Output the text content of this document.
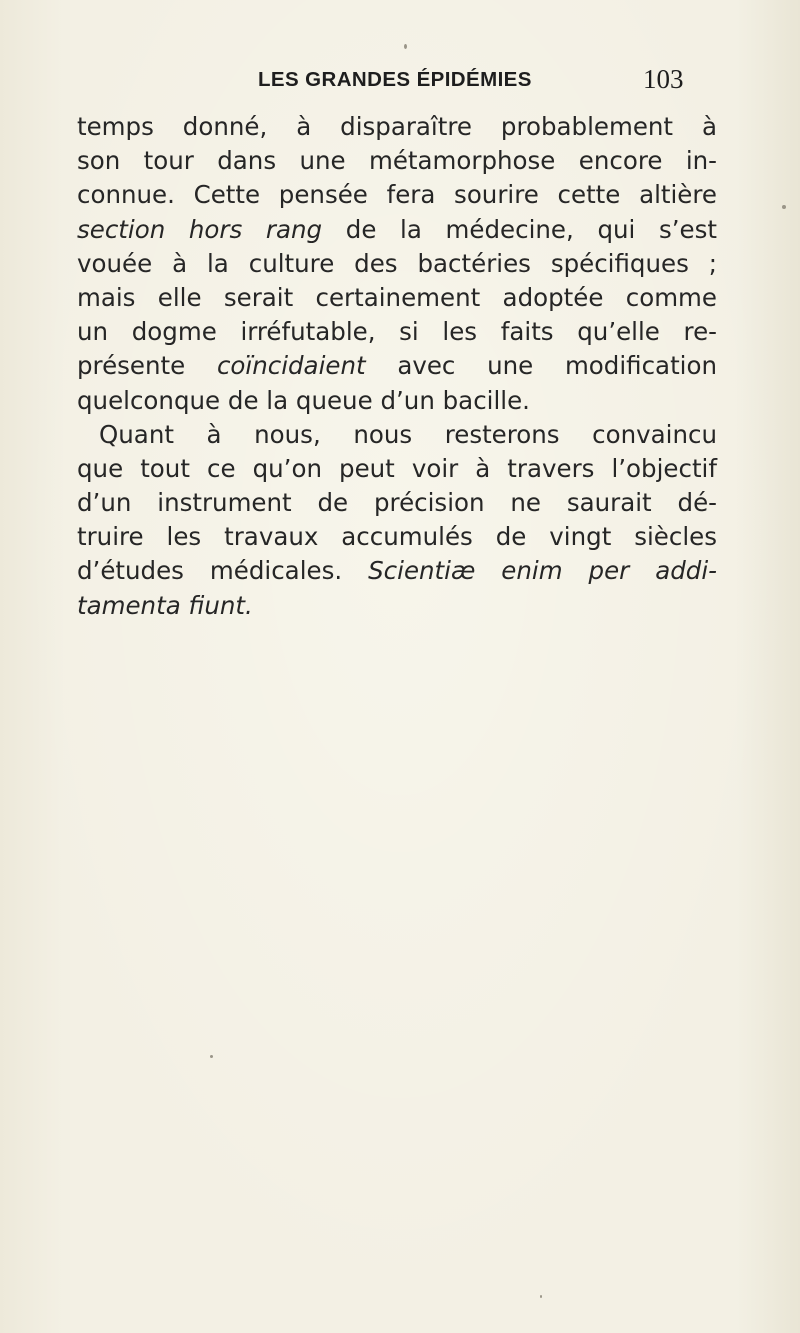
LES GRANDES ÉPIDÉMIES	103
temps donné, à disparaître probablement à
son tour dans une métamorphose encore in-
connue. Cette pensée fera sourire cette altière
section hors rang de la médecine, qui s’est
vouée à la culture des bactéries spécifiques ;
mais elle serait certainement adoptée comme
un dogme irréfutable, si les faits qu’elle re-
présente coïncidaient avec une modification
quelconque de la queue d’un bacille.
Quant à nous, nous resterons convaincu
que tout ce qu’on peut voir à travers l’objectif
d’un instrument de précision ne saurait dé-
truire les travaux accumulés de vingt siècles
d’études médicales. Scientiæ enim per addi-
tamenta fiunt.
